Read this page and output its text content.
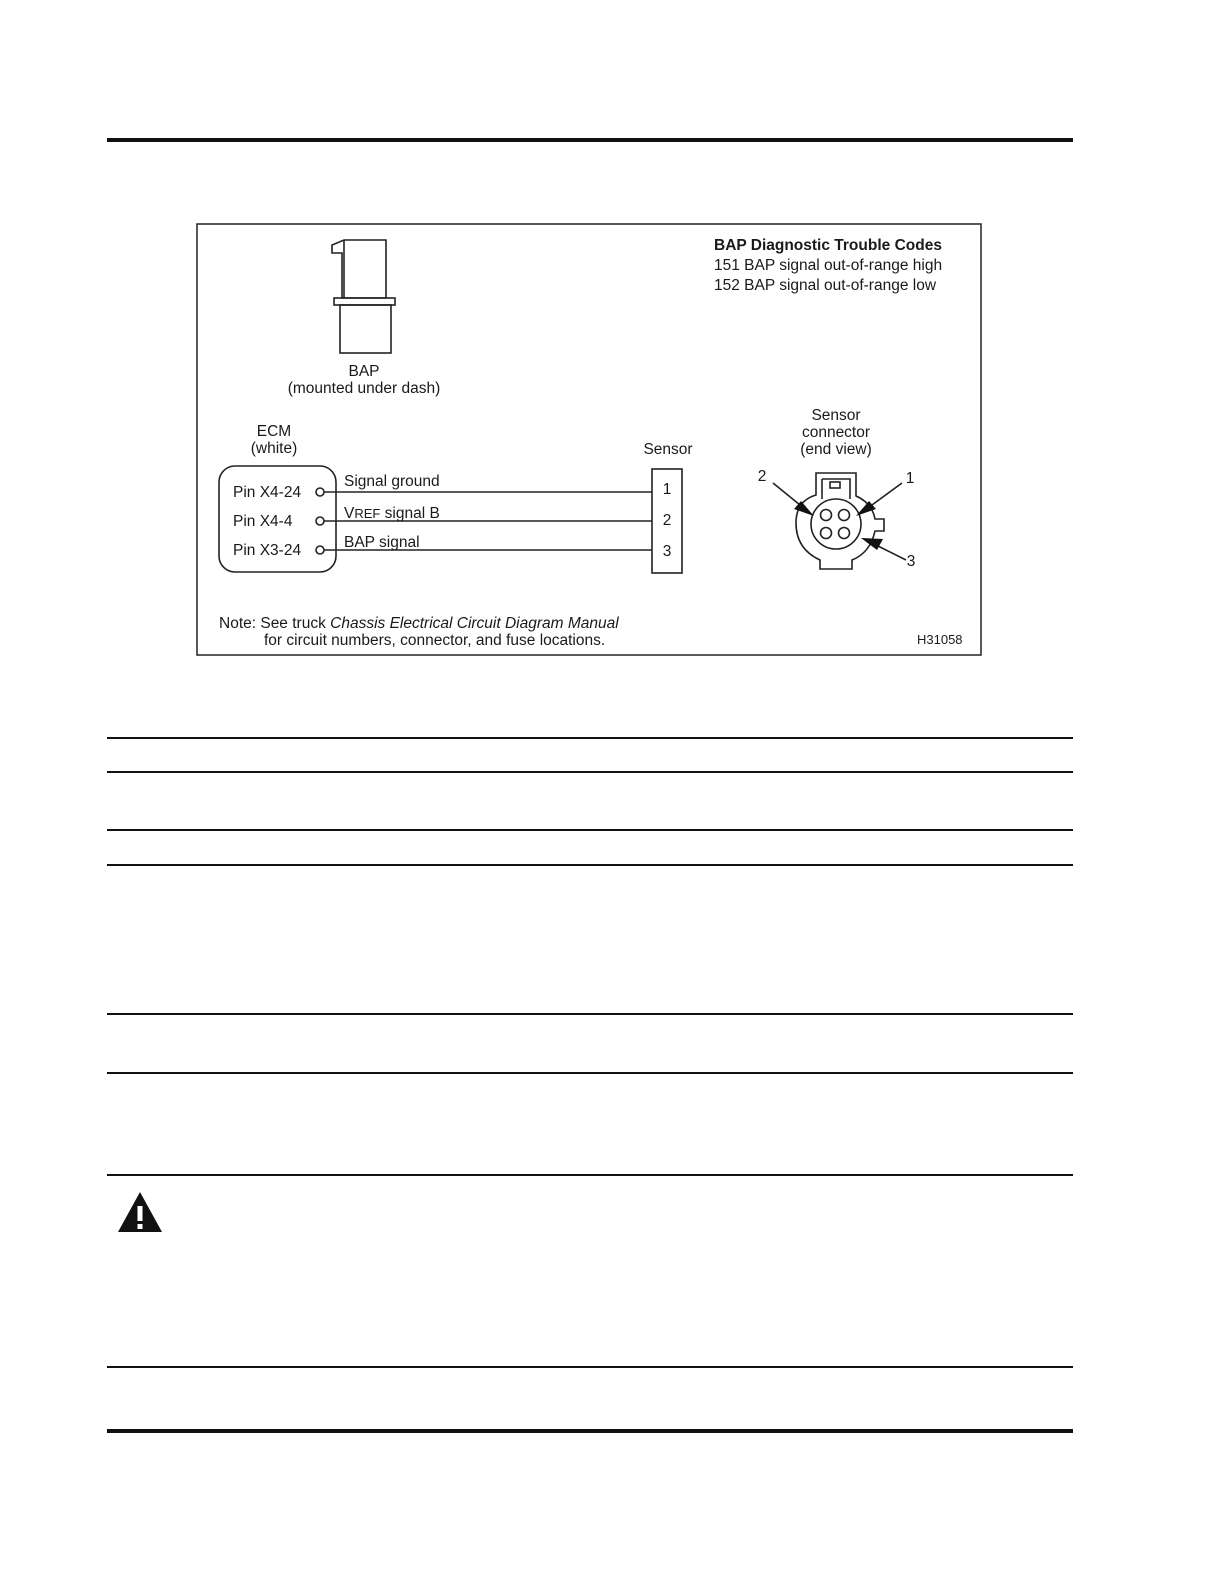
BAP
(mounted under dash)
BAP Diagnostic Trouble Codes
151 BAP signal out-of-range high
152 BAP signal out-of-range low
ECM
(white)
Pin X4-24
Pin X4-4
Pin X3-24
Signal ground
VREF signal B
BAP signal
Sensor
1
2
3
Sensor
connector
(end view)
2	1
3
Note: See truck Chassis Electrical Circuit Diagram Manual
for circuit numbers, connector, and fuse locations.	H31058
